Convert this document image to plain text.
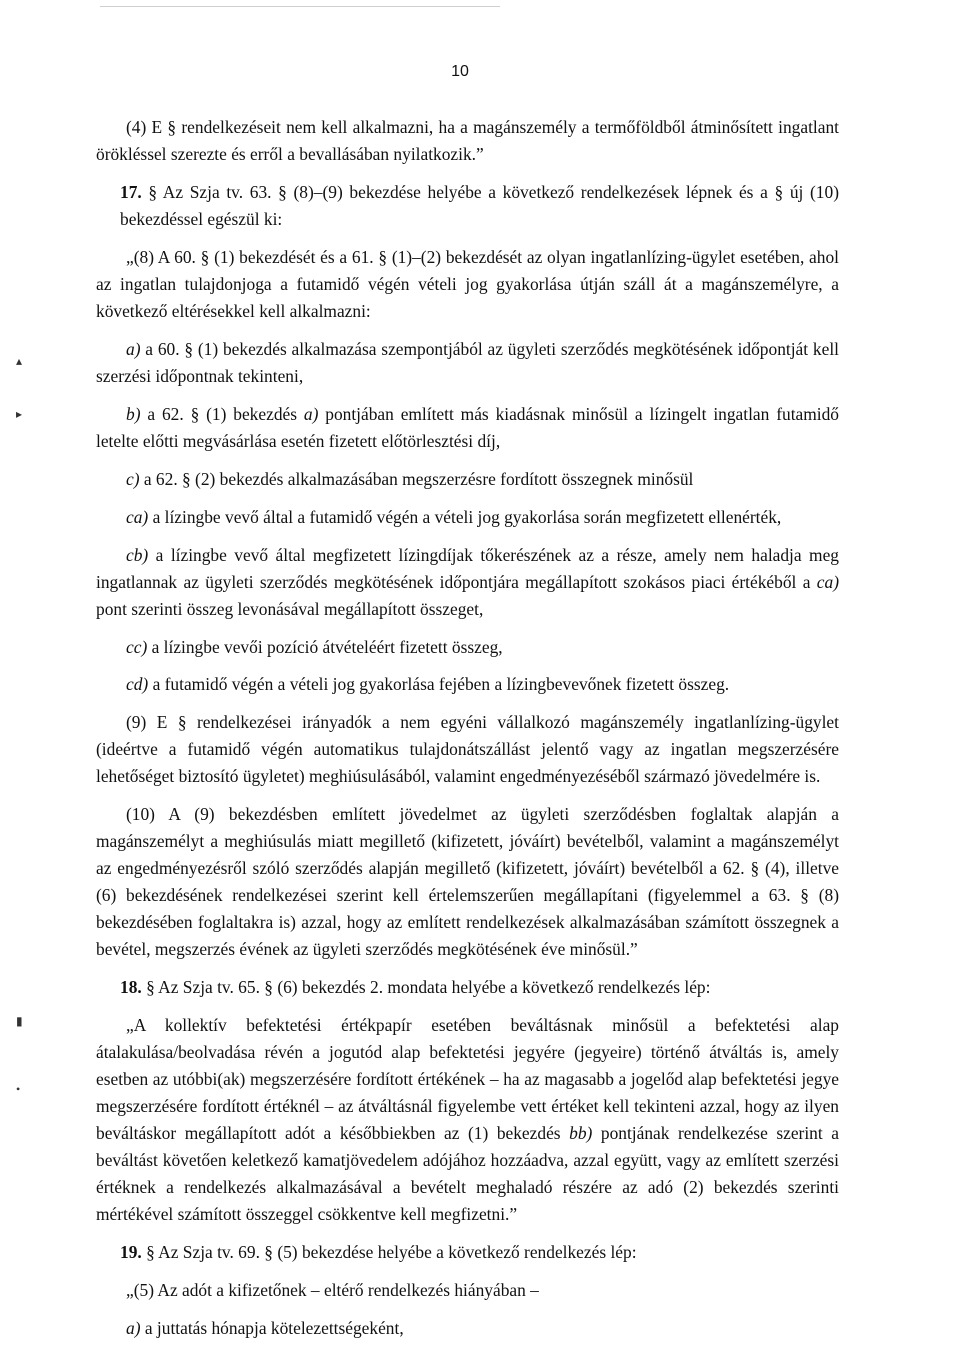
10
▴
▸
▮
•

(4) E § rendelkezéseit nem kell alkalmazni, ha a magánszemély a termőföldből átminősített ingatlant örökléssel szerezte és erről a bevallásában nyilatkozik.”

17. § Az Szja tv. 63. § (8)–(9) bekezdése helyébe a következő rendelkezések lépnek és a § új (10) bekezdéssel egészül ki:

„(8) A 60. § (1) bekezdését és a 61. § (1)–(2) bekezdését az olyan ingatlanlízing-ügylet esetében, ahol az ingatlan tulajdonjoga a futamidő végén vételi jog gyakorlása útján száll át a magánszemélyre, a következő eltérésekkel kell alkalmazni:

a) a 60. § (1) bekezdés alkalmazása szempontjából az ügyleti szerződés megkötésének időpontját kell szerzési időpontnak tekinteni,

b) a 62. § (1) bekezdés a) pontjában említett más kiadásnak minősül a lízingelt ingatlan futamidő letelte előtti megvásárlása esetén fizetett előtörlesztési díj,

c) a 62. § (2) bekezdés alkalmazásában megszerzésre fordított összegnek minősül

ca) a lízingbe vevő által a futamidő végén a vételi jog gyakorlása során megfizetett ellenérték,

cb) a lízingbe vevő által megfizetett lízingdíjak tőkerészének az a része, amely nem haladja meg ingatlannak az ügyleti szerződés megkötésének időpontjára megállapított szokásos piaci értékéből a ca) pont szerinti összeg levonásával megállapított összeget,

cc) a lízingbe vevői pozíció átvételéért fizetett összeg,

cd) a futamidő végén a vételi jog gyakorlása fejében a lízingbevevőnek fizetett összeg.

(9) E § rendelkezései irányadók a nem egyéni vállalkozó magánszemély ingatlanlízing-ügylet (ideértve a futamidő végén automatikus tulajdonátszállást jelentő vagy az ingatlan megszerzésére lehetőséget biztosító ügyletet) meghiúsulásából, valamint engedményezéséből származó jövedelmére is.

(10) A (9) bekezdésben említett jövedelmet az ügyleti szerződésben foglaltak alapján a magánszemélyt a meghiúsulás miatt megillető (kifizetett, jóváírt) bevételből, valamint a magánszemélyt az engedményezésről szóló szerződés alapján megillető (kifizetett, jóváírt) bevételből a 62. § (4), illetve (6) bekezdésének rendelkezései szerint kell értelemszerűen megállapítani (figyelemmel a 63. § (8) bekezdésében foglaltakra is) azzal, hogy az említett rendelkezések alkalmazásában számított összegnek a bevétel, megszerzés évének az ügyleti szerződés megkötésének éve minősül.”

18. § Az Szja tv. 65. § (6) bekezdés 2. mondata helyébe a következő rendelkezés lép:

„A kollektív befektetési értékpapír esetében beváltásnak minősül a befektetési alap átalakulása/beolvadása révén a jogutód alap befektetési jegyére (jegyeire) történő átváltás is, amely esetben az utóbbi(ak) megszerzésére fordított értékének – ha az magasabb a jogelőd alap befektetési jegye megszerzésére fordított értéknél – az átváltásnál figyelembe vett értéket kell tekinteni azzal, hogy az ilyen beváltáskor megállapított adót a későbbiekben az (1) bekezdés bb) pontjának rendelkezése szerint a beváltást követően keletkező kamatjövedelem adójához hozzáadva, azzal együtt, vagy az említett szerzési értéknek a rendelkezés alkalmazásával a bevételt meghaladó részére az adó (2) bekezdés szerinti mértékével számított összeggel csökkentve kell megfizetni.”

19. § Az Szja tv. 69. § (5) bekezdése helyébe a következő rendelkezés lép:

„(5) Az adót a kifizetőnek – eltérő rendelkezés hiányában –

a) a juttatás hónapja kötelezettségeként,
